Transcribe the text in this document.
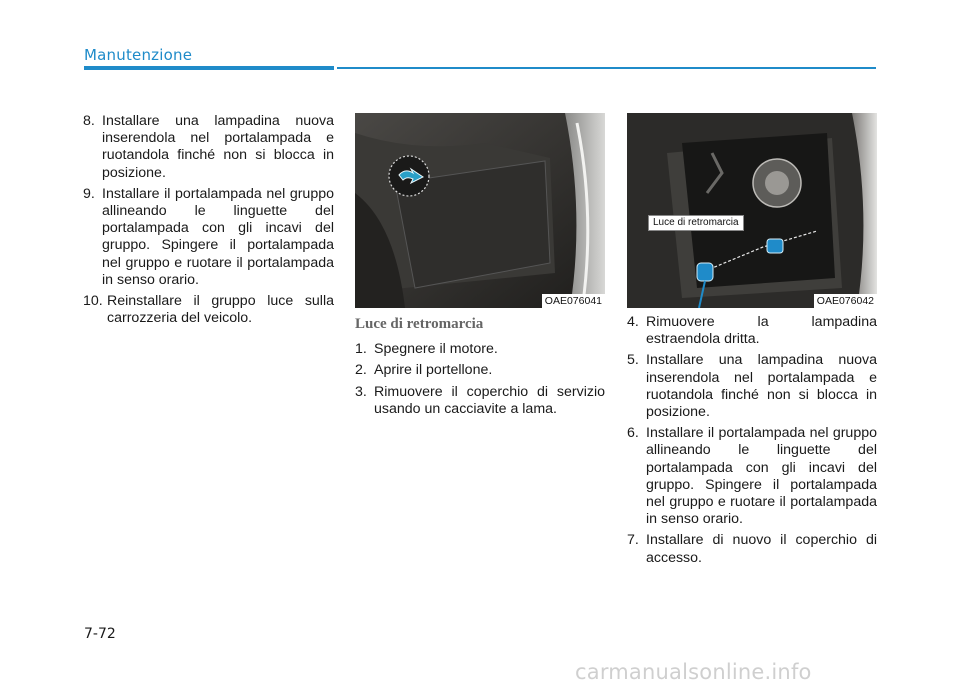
Manutenzione
8. Installare una lampadina nuova inserendola nel portalampada e ruotandola finché non si blocca in posizione.
9. Installare il portalampada nel gruppo allineando le linguette del portalampada con gli incavi del gruppo. Spingere il portalampada nel gruppo e ruotare il portalampada in senso orario.
10. Reinstallare il gruppo luce sulla carrozzeria del veicolo.
OAE076041
Luce di retromarcia
OAE076042
Luce di retromarcia
1. Spegnere il motore.
2. Aprire il portellone.
3. Rimuovere il coperchio di servizio usando un cacciavite a lama.
4. Rimuovere la lampadina estraendola dritta.
5. Installare una lampadina nuova inserendola nel portalampada e ruotandola finché non si blocca in posizione.
6. Installare il portalampada nel gruppo allineando le linguette del portalampada con gli incavi del gruppo. Spingere il portalampada nel gruppo e ruotare il portalampada in senso orario.
7. Installare di nuovo il coperchio di accesso.
7-72
carmanualsonline.info
